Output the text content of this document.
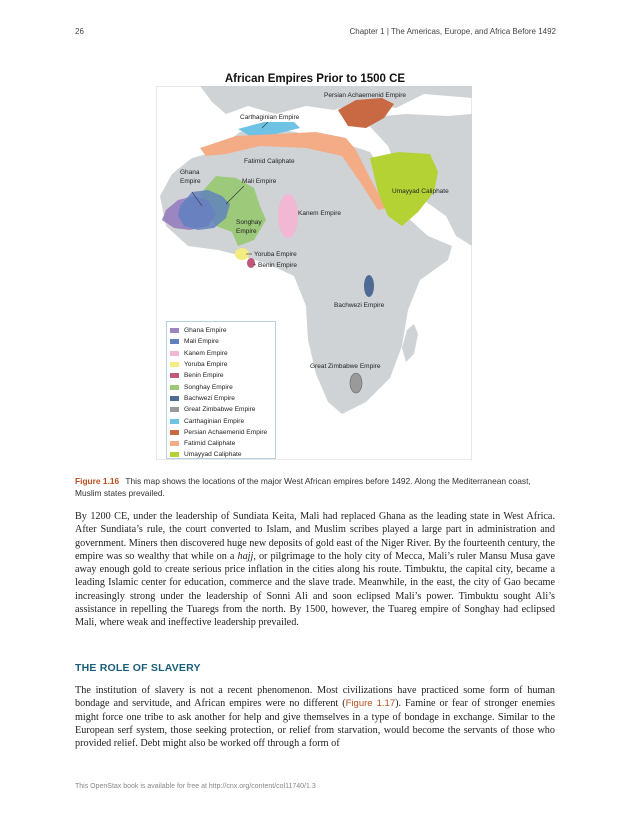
26	Chapter 1 | The Americas, Europe, and Africa Before 1492
African Empires Prior to 1500 CE
Persian Achaemenid Empire
Carthaginian Empire
Fatimid Caliphate
Ghana
Empire	Mali Empire
Umayyad Caliphate
Kanem Empire
Songhay
Empire
Yoruba Empire
Benin Empire
Bachwezi Empire
Great Zimbabwe Empire
Ghana Empire
Mali Empire
Kanem Empire
Yoruba Empire
Benin Empire
Songhay Empire
Bachwezi Empire
Great Zimbabwe Empire
Carthaginian Empire
Persian Achaemenid Empire
Fatimid Caliphate
Umayyad Caliphate
Figure 1.16 This map shows the locations of the major West African empires before 1492. Along the Mediterranean coast, Muslim states prevailed.

By 1200 CE, under the leadership of Sundiata Keita, Mali had replaced Ghana as the leading state in West Africa. After Sundiata’s rule, the court converted to Islam, and Muslim scribes played a large part in administration and government. Miners then discovered huge new deposits of gold east of the Niger River. By the fourteenth century, the empire was so wealthy that while on a hajj, or pilgrimage to the holy city of Mecca, Mali’s ruler Mansu Musa gave away enough gold to create serious price inflation in the cities along his route. Timbuktu, the capital city, became a leading Islamic center for education, commerce and the slave trade. Meanwhile, in the east, the city of Gao became increasingly strong under the leadership of Sonni Ali and soon eclipsed Mali’s power. Timbuktu sought Ali’s assistance in repelling the Tuaregs from the north. By 1500, however, the Tuareg empire of Songhay had eclipsed Mali, where weak and ineffective leadership prevailed.

THE ROLE OF SLAVERY

The institution of slavery is not a recent phenomenon. Most civilizations have practiced some form of human bondage and servitude, and African empires were no different (Figure 1.17). Famine or fear of stronger enemies might force one tribe to ask another for help and give themselves in a type of bondage in exchange. Similar to the European serf system, those seeking protection, or relief from starvation, would become the servants of those who provided relief. Debt might also be worked off through a form of

This OpenStax book is available for free at http://cnx.org/content/col11740/1.3
